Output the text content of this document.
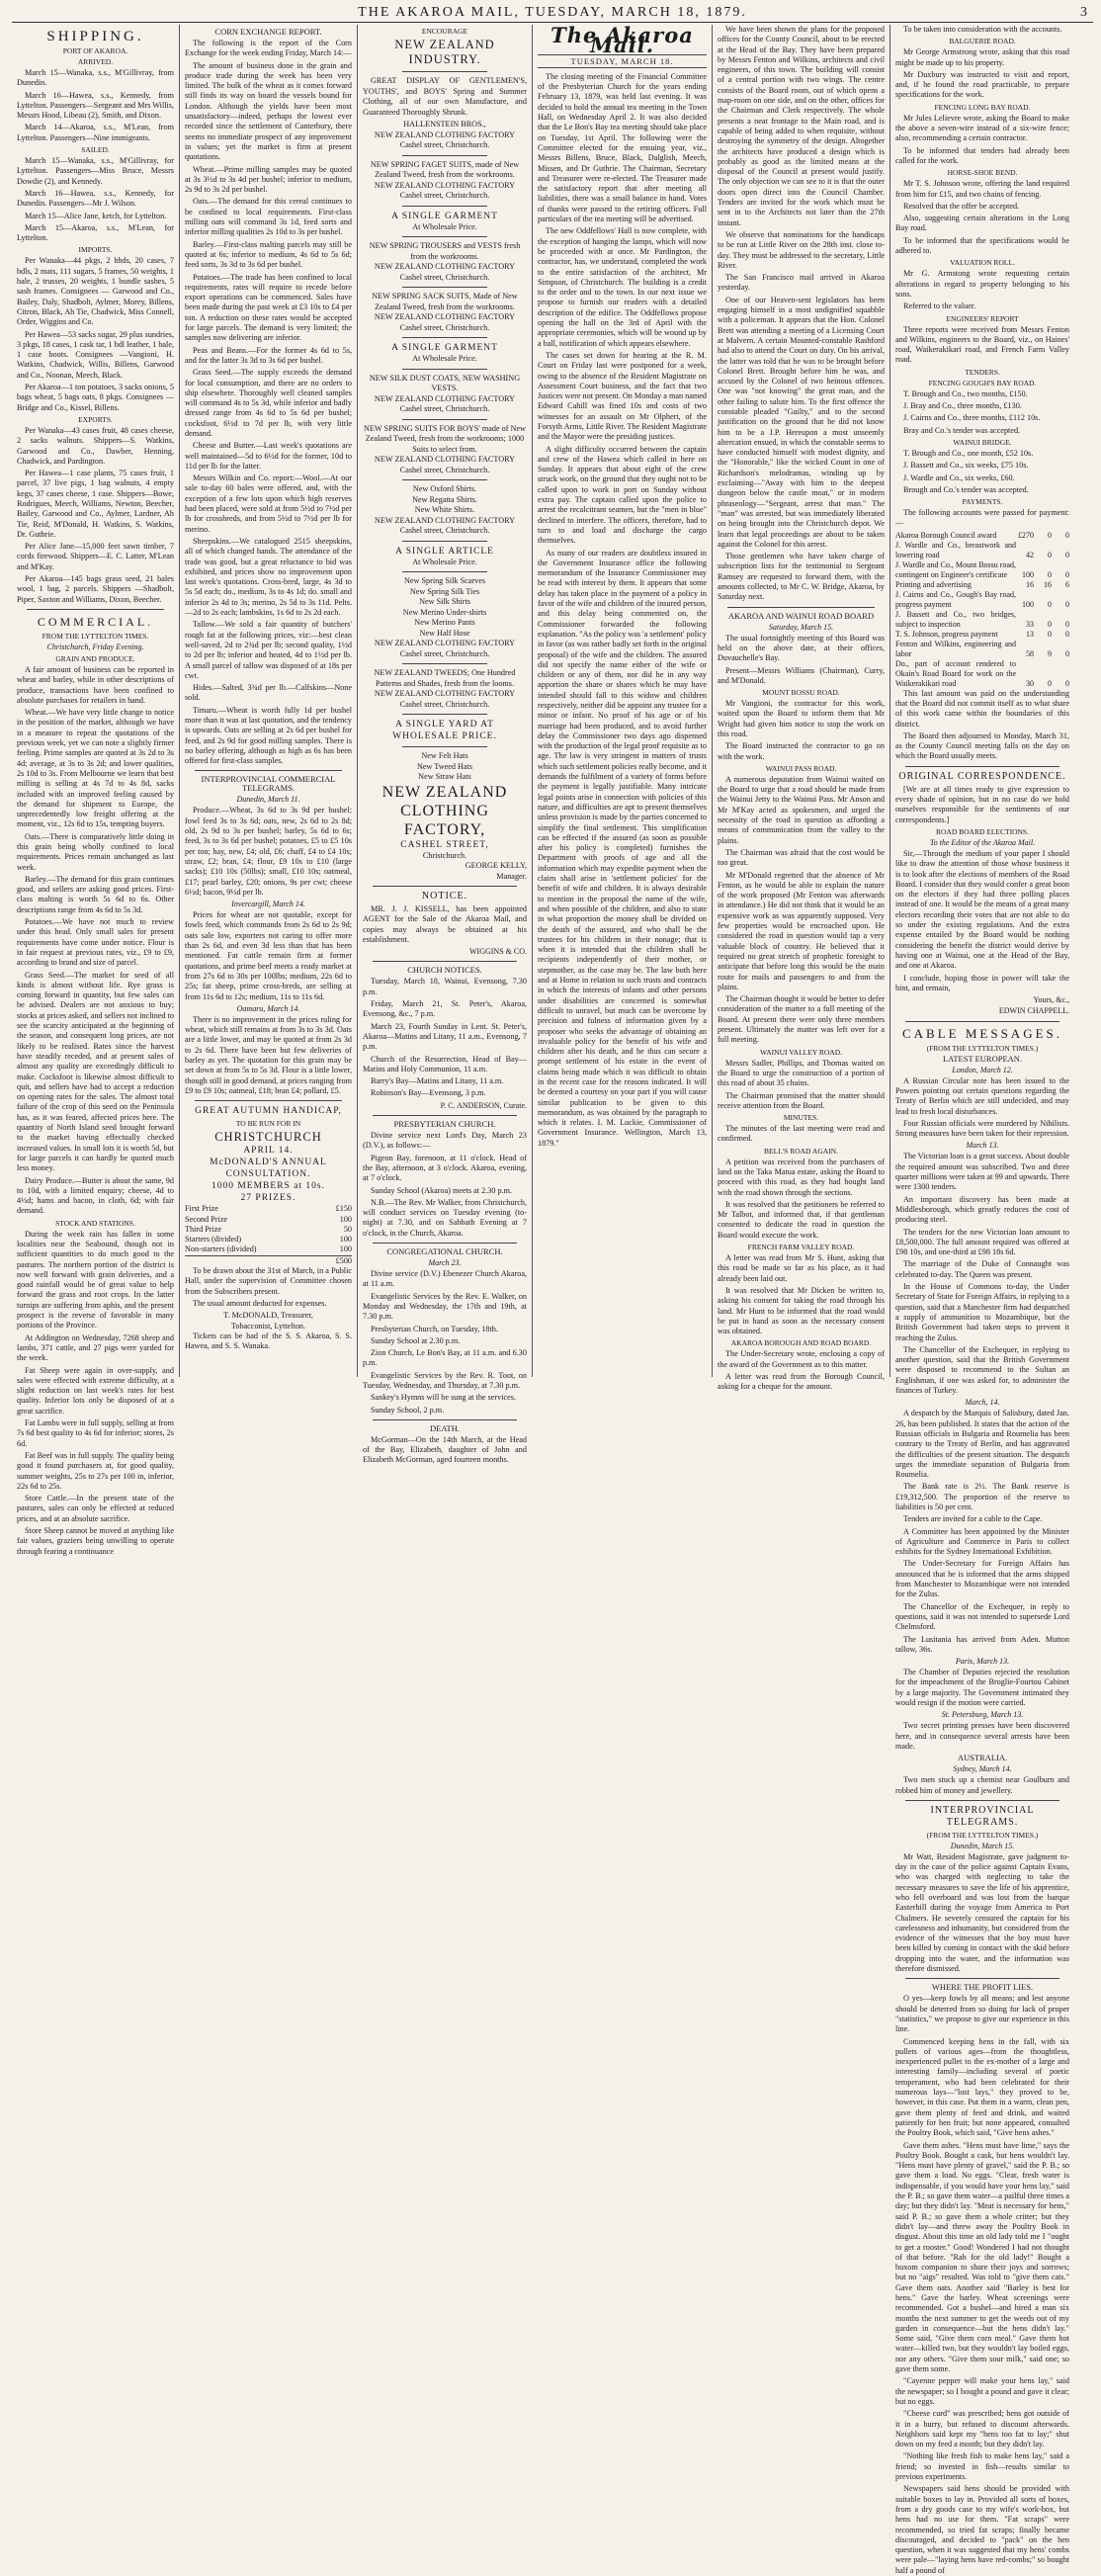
THE AKAROA MAIL, TUESDAY, MARCH 18, 1879.	3
SHIPPING.
PORT OF AKAROA.
ARRIVED.

March 15—Wanaka, s.s., M'Gillivray, from Dunedin.

March 16—Hawea, s.s., Kennedy, from Lyttelton. Passengers—Sergeant and Mrs Willis, Messrs Hood, Libeau (2), Smith, and Dixon.

March 14—Akaroa, s.s., M'Lean, from Lyttelton. Passengers—Nine immigrants.

SAILED.

March 15—Wanaka, s.s., M'Gillivray, for Lyttelton. Passengers—Miss Bruce, Messrs Dowdie (2), and Kennedy.

March 16—Hawea, s.s., Kennedy, for Dunedin. Passengers—Mr J. Wilson.

March 15—Alice Jane, ketch, for Lyttelton.

March 15—Akaroa, s.s., M'Lean, for Lyttelton.

IMPORTS.

Per Wanaka—44 pkgs, 2 hhds, 20 cases, 7 bdls, 2 mats, 111 sugars, 5 frames, 50 weights, 1 bale, 2 trusses, 20 weights, 1 bundle sashes, 5 sash frames. Consignees — Garwood and Co., Bailey, Daly, Shadbolt, Aylmer, Morey, Billens, Citron, Black, Ah Tie, Chadwick, Miss Connell, Order, Wiggins and Co.

Per Hawea—53 sacks sugar, 29 plus sundries, 3 pkgs, 18 cases, 1 cask tar, 1 bdl leather, 1 bale, 1 case boots. Consignees —Vangioni, H. Watkins, Chadwick, Willis, Billens, Garwood and Co., Noonan, Meech, Black.

Per Akaroa—1 ton potatoes, 3 sacks onions, 5 bags wheat, 5 bags oats, 8 pkgs. Consignees — Bridge and Co., Kissel, Billens.

EXPORTS.

Per Wanaka—43 cases fruit, 48 cases cheese, 2 sacks walnuts. Shippers—S. Watkins, Garwood and Co., Dawber, Henning, Chadwick, and Pardington.

Per Hawea—1 case plants, 75 cases fruit, 1 parcel, 37 live pigs, 1 bag walnuts, 4 empty kegs, 37 cases cheese, 1 case. Shippers—Bowe, Rodrigues, Meech, Williams, Newton, Beecher, Bailey, Garwood and Co., Aylmer, Lardner, Ah Tie, Reid, M'Donald, H. Watkins, S. Watkins, Dr. Guthrie.

Per Alice Jane—15,000 feet sawn timber, 7 cords firewood. Shippers—E. C. Latter, M'Lean and M'Kay.

Per Akaroa—145 bags grass seed, 21 bales wool, 1 bag, 2 parcels. Shippers —Shadbolt, Piper, Saxton and Williams, Dixon, Beecher.

COMMERCIAL.
FROM THE LYTTELTON TIMES.
Christchurch, Friday Evening.
GRAIN AND PRODUCE.

A fair amount of business can be reported in wheat and barley, while in other descriptions of produce, transactions have been confined to absolute purchases for retailers in hand.

Wheat.—We have very little change to notice in the position of the market, although we have in a measure to repeat the quotations of the previous week, yet we can note a slightly firmer feeling. Prime samples are quoted at 3s 2d to 3s 4d; average, at 3s to 3s 2d; and lower qualities, 2s 10d to 3s. From Melbourne we learn that best milling is selling at 4s 7d to 4s 8d, sacks included with an improved feeling caused by the demand for shipment to Europe, the unprecedentedly low freight offering at the moment, viz., 12s 6d to 15s, tempting buyers.

Oats.—There is comparatively little doing in this grain being wholly confined to local requirements. Prices remain unchanged as last week.

Barley.—The demand for this grain continues good, and sellers are asking good prices. First-class malting is worth 5s 6d to 6s. Other descriptions range from 4s 6d to 5s 3d.

Potatoes.—We have not much to review under this head. Only small sales for present requirements have come under notice. Flour is in fair request at previous rates, viz., £9 to £9, according to brand and size of parcel.

Grass Seed.—The market for seed of all kinds is almost without life. Rye grass is coming forward in quantity, but few sales can be advised. Dealers are not anxious to buy; stocks at prices asked, and sellers not inclined to see the scarcity anticipated at the beginning of the season, and consequent long prices, are not likely to be realised. Rates since the harvest have steadily receded, and at present sales of almost any quality are exceedingly difficult to make. Cocksfoot is likewise almost difficult to quit, and sellers have had to accept a reduction on opening rates for the sales. The almost total failure of the crop of this seed on the Peninsula has, as it was feared, affected prices here. The quantity of North Island seed brought forward to the market having effectually checked increased values. In small lots it is worth 5d, but for large parcels it can hardly be quoted much less money.

Dairy Produce.—Butter is about the same, 9d to 10d, with a limited enquiry; cheese, 4d to 4½d; hams and bacon, in cloth, 6d; with fair demand.

STOCK AND STATIONS.

During the week rain has fallen in some localities near the Seabound, though not in sufficient quantities to do much good to the pastures. The northern portion of the district is now well forward with grain deliveries, and a good rainfall would be of great value to help forward the grass and root crops. In the latter turnips are suffering from aphis, and the present prospect is the reverse of favorable in many portions of the Province.

At Addington on Wednesday, 7268 sheep and lambs, 371 cattle, and 27 pigs were yarded for the week.

Fat Sheep were again in over-supply, and sales were effected with extreme difficulty, at a slight reduction on last week's rates for best quality. Inferior lots only be disposed of at a great sacrifice.

Fat Lambs were in full supply, selling at from 7s 6d best quality to 4s 6d for inferior; stores, 2s 6d.

Fat Beef was in full supply. The quality being good it found purchasers at, for good quality, summer weights, 25s to 27s per 100 in, inferior, 22s 6d to 25s.

Store Cattle.—In the present state of the pastures, sales can only be effected at reduced prices, and at an absolute sacrifice.

Store Sheep cannot be moved at anything like fair values, graziers being unwilling to operate through fearing a continuance

CORN EXCHANGE REPORT.

The following is the report of the Corn Exchange for the week ending Friday, March 14:—

The amount of business done in the grain and produce trade during the week has been very limited. The bulk of the wheat as it comes forward still finds its way on board the vessels bound for London. Although the yields have been most unsatisfactory—indeed, perhaps the lowest ever recorded since the settlement of Canterbury, there seems no immediate prospect of any improvement in values; yet the market is firm at present quotations.

Wheat.—Prime milling samples may be quoted at 3s 3½d to 3s 4d per bushel; inferior to medium, 2s 9d to 3s 2d per bushel.

Oats.—The demand for this cereal continues to be confined to local requirements. First-class milling oats will command 3s 1d, feed sorts and inferior milling qualities 2s 10d to 3s per bushel.

Barley.—First-class malting parcels may still be quoted at 6s; inferior to medium, 4s 6d to 5s 6d; feed sorts, 3s 3d to 3s 6d per bushel.

Potatoes.—The trade has been confined to local requirements, rates will require to recede before export operations can be commenced. Sales have been made during the past week at £3 10s to £4 per ton. A reduction on these rates would be accepted for large parcels. The demand is very limited; the samples now delivering are inferior.

Peas and Beans.—For the former 4s 6d to 5s, and for the latter 3s 3d to 3s 6d per bushel.

Grass Seed.—The supply exceeds the demand for local consumption, and there are no orders to ship elsewhere. Thoroughly well cleaned samples will command 4s to 5s 3d, while inferior and badly dressed range from 4s 6d to 5s 6d per bushel; cocksfoot, 6½d to 7d per lb, with very little demand.

Cheese and Butter.—Last week's quotations are well maintained—5d to 6½d for the former, 10d to 11d per lb for the latter.

Messrs Wilkin and Co. report:—Wool.—At our sale to-day 60 bales were offered, and, with the exception of a few lots upon which high reserves had been placed, were sold at from 5½d to 7½d per lb for crossbreds, and from 5½d to 7½d per lb for merino.

Sheepskins.—We catalogued 2515 sheepskins, all of which changed hands. The attendance of the trade was good, but a great reluctance to bid was exhibited, and prices show no improvement upon last week's quotations. Cross-bred, large, 4s 3d to 5s 5d each; do., medium, 3s to 4s 1d; do. small and inferior 2s 4d to 3s; merino, 2s 5d to 3s 11d. Pelts.—2d to 2s each; lambskins, 1s 6d to 2s 2d each.

Tallow.—We sold a fair quantity of butchers' rough fat at the following prices, viz:—best clean well-saved, 2d to 2¾d per lb; second quality, 1½d to 2d per lb; inferior and heated, 4d to 1½d per lb. A small parcel of tallow was disposed of at 18s per cwt.

Hides.—Salted, 3¾d per lb.—Calfskins—None sold.

Timaru.—Wheat is worth fully 1d per bushel more than it was at last quotation, and the tendency is upwards. Oats are selling at 2s 6d per bushel for feed, and 2s 9d for good milling samples. There is no barley offering, although as high as 6s has been offered for first-class samples.

INTERPROVINCIAL COMMERCIAL TELEGRAMS.
Dunedin, March 11.

Produce.—Wheat, 3s 6d to 3s 9d per bushel; fowl feed 3s to 3s 6d; oats, new, 2s 6d to 2s 8d; old, 2s 9d to 3s per bushel; barley, 5s 6d to 6s; feed, 3s to 3s 6d per bushel; potatoes, £5 to £5 10s per ton; hay, new, £4; old, £6; chaff, £4 to £4 10s; straw, £2; bran, £4; flour, £9 10s to £10 (large sacks); £10 10s (50lbs); small, £10 10s; oatmeal, £17; pearl barley, £20; onions, 9s per cwt; cheese 6½d; bacon, 9½d per lb.

Invercargill, March 14.

Prices for wheat are not quotable, except for fowls feed, which commands from 2s 6d to 2s 9d; oats sale low, exporters not caring to offer more than 2s 6d, and even 3d less than that has been mentioned. Fat cattle remain firm at former quotations, and prime beef meets a ready market at from 27s 6d to 30s per 100lbs; medium, 22s 6d to 25s; fat sheep, prime cross-breds, are selling at from 11s 6d to 12s; medium, 11s to 11s 6d.

Oamaru, March 14.

There is no improvement in the prices ruling for wheat, which still remains at from 3s to 3s 3d. Oats are a little lower, and may be quoted at from 2s 3d to 2s 6d. There have been but few deliveries of barley as yet. The quotation for this grain may be set down at from 5s to 5s 3d. Flour is a little lower, though still in good demand, at prices ranging from £9 to £9 10s; oatmeal, £18; bran £4; pollard, £5.

GREAT AUTUMN HANDICAP,
TO BE RUN FOR IN
CHRISTCHURCH
APRIL 14.
McDONALD'S ANNUAL CONSULTATION.
1000 MEMBERS at 10s.
27 PRIZES.
First Prize	£150
Second Prize	100
Third Prize	50
Starters (divided)	100
Non-starters (divided)	100
	£500

To be drawn about the 31st of March, in a Public Hall, under the supervision of Committee chosen from the Subscribers present.

The usual amount deducted for expenses.

T. McDONALD, Treasurer,
Tobacconist, Lyttelton.

Tickets can be had of the S. S. Akaroa, S. S. Hawea, and S. S. Wanaka.

ENCOURAGE
NEW ZEALAND INDUSTRY.

GREAT DISPLAY OF GENTLEMEN'S, YOUTHS', and BOYS' Spring and Summer Clothing, all of our own Manufacture, and Guaranteed Thoroughly Shrunk.

HALLENSTEIN BROS.,
NEW ZEALAND CLOTHING FACTORY
Cashel street, Christchurch.
NEW SPRING FAGET SUITS, made of New Zealand Tweed, fresh from the workrooms.
NEW ZEALAND CLOTHING FACTORY
Cashel street, Christchurch.
A SINGLE GARMENT
At Wholesale Price.
NEW SPRING TROUSERS and VESTS fresh from the workrooms.
NEW ZEALAND CLOTHING FACTORY
Cashel street, Christchurch.
NEW SPRING SACK SUITS, Made of New Zealand Tweed, fresh from the workrooms.
NEW ZEALAND CLOTHING FACTORY
Cashel street, Christchurch.
A SINGLE GARMENT
At Wholesale Price.
NEW SILK DUST COATS, NEW WASHING VESTS.
NEW ZEALAND CLOTHING FACTORY
Cashel street, Christchurch.
NEW SPRING SUITS FOR BOYS' made of New Zealand Tweed, fresh from the workrooms; 1000 Suits to select from.
NEW ZEALAND CLOTHING FACTORY
Cashel street, Christchurch.
New Oxford Shirts.
New Regatta Shirts.
New White Shirts.
NEW ZEALAND CLOTHING FACTORY
Cashel street, Christchurch.
A SINGLE ARTICLE
At Wholesale Price.
New Spring Silk Scarves
New Spring Silk Ties
New Silk Shirts
New Merino Under-shirts
New Merino Pants
New Half Hose
NEW ZEALAND CLOTHING FACTORY
Cashel street, Christchurch.
NEW ZEALAND TWEEDS; One Hundred Patterns and Shades, fresh from the looms.
NEW ZEALAND CLOTHING FACTORY
Cashel street, Christchurch.
A SINGLE YARD AT WHOLESALE PRICE.
New Felt Hats
New Tweed Hats
New Straw Hats
NEW ZEALAND
CLOTHING FACTORY,
CASHEL STREET,
Christchurch.
GEORGE KELLY,
Manager.
NOTICE.

MR. J. J. KISSELL, has been appointed AGENT for the Sale of the Akaroa Mail, and copies may always be obtained at his establishment.

WIGGINS & CO.
CHURCH NOTICES.

Tuesday, March 18, Wainui, Evensong, 7.30 p.m.

Friday, March 21, St. Peter's, Akaroa, Evensong, &c., 7 p.m.

March 23, Fourth Sunday in Lent. St. Peter's, Akaroa—Matins and Litany, 11 a.m., Evensong, 7 p.m.

Church of the Resurrection, Head of Bay—Matins and Holy Communion, 11 a.m.

Barry's Bay—Matins and Litany, 11 a.m.

Robinson's Bay—Evensong, 3 p.m.

P. C. ANDERSON, Curate.
PRESBYTERIAN CHURCH.

Divine service next Lord's Day, March 23 (D.V.), as follows:—

Pigeon Bay, forenoon, at 11 o'clock. Head of the Bay, afternoon, at 3 o'clock. Akaroa, evening, at 7 o'clock.

Sunday School (Akaroa) meets at 2.30 p.m.

N.B.—The Rev. Mr Walker, from Christchurch, will conduct services on Tuesday evening (to-night) at 7.30, and on Sabbath Evening at 7 o'clock, in the Church, Akaroa.

CONGREGATIONAL CHURCH.
March 23.

Divine service (D.V.) Ebenezer Church Akaroa, at 11 a.m.

Evangelistic Services by the Rev. E. Walker, on Monday and Wednesday, the 17th and 19th, at 7.30 p.m.

Presbyterian Church, on Tuesday, 18th.

Sunday School at 2.30 p.m.

Zion Church, Le Bon's Bay, at 11 a.m. and 6.30 p.m.

Evangelistic Services by the Rev. R. Toot, on Tuesday, Wednesday, and Thursday, at 7.30 p.m.

Sankey's Hymns will be sung at the services.

Sunday School, 2 p.m.

DEATH.

McGorman—On the 14th March, at the Head of the Bay, Elizabeth, daughter of John and Elizabeth McGorman, aged fourteen months.

The Akaroa Mail.
TUESDAY, MARCH 18.

The closing meeting of the Financial Committee of the Presbyterian Church for the years ending February 13, 1879, was held last evening. It was decided to hold the annual tea meeting in the Town Hall, on Wednesday April 2. It was also decided that the Le Bon's Bay tea meeting should take place on Tuesday, 1st April. The following were the Committee elected for the ensuing year, viz., Messrs Billens, Bruce, Black, Dalglish, Meech, Missen, and Dr Guthrie. The Chairman, Secretary and Treasurer were re-elected. The Treasurer made the satisfactory report that after meeting all liabilities, there was a small balance in hand. Votes of thanks were passed to the retiring officers. Full particulars of the tea meeting will be advertised.

The new Oddfellows' Hall is now complete, with the exception of hanging the lamps, which will now be proceeded with at once. Mr Pardington, the contractor, has, we understand, completed the work to the entire satisfaction of the architect, Mr Simpson, of Christchurch. The building is a credit to the order and to the town. In our next issue we propose to furnish our readers with a detailed description of the edifice. The Oddfellows propose opening the hall on the 3rd of April with the appropriate ceremonies, which will be wound up by a ball, notification of which appears elsewhere.

The cases set down for hearing at the R. M. Court on Friday last were postponed for a week, owing to the absence of the Resident Magistrate on Assessment Court business, and the fact that two Justices were not present. On Monday a man named Edward Cahill was fined 10s and costs of two witnesses for an assault on Mr Olphert, of the Forsyth Arms, Little River. The Resident Magistrate and the Mayor were the presiding justices.

A slight difficulty occurred between the captain and crew of the Hawea which called in here on Sunday. It appears that about eight of the crew struck work, on the ground that they ought not to be called upon to work in port on Sunday without extra pay. The captain called upon the police to arrest the recalcitrant seamen, but the "men in blue" declined to interfere. The officers, therefore, had to turn to and load and discharge the cargo themselves.

As many of our readers are doubtless insured in the Government Insurance office the following memorandum of the Insurance Commissioner may be read with interest by them. It appears that some delay has taken place in the payment of a policy in favor of the wife and children of the insured person, and this delay being commented on, the Commissioner forwarded the following explanation. "As the policy was 'a settlement' policy in favor (as was rather badly set forth in the original proposal) of the wife and the children. The assured did not specify the name either of the wife or children or any of them, nor did he in any way apportion the share or shares which he may have intended should fall to this widow and children respectively, neither did he appoint any trustee for a minor or infant. No proof of his age or of his marriage had been produced, and to avoid further delay the Commissioner two days ago dispensed with the production of the legal proof requisite as to age. The law is very stringent in matters of trusts which such settlement policies really become, and it demands the fulfilment of a variety of forms before the payment is legally justifiable. Many intricate legal points arise in connection with policies of this nature, and difficulties are apt to present themselves unless provision is made by the parties concerned to simplify the final settlement. This simplification can be effected if the assured (as soon as possible after his policy is completed) furnishes the Department with proofs of age and all the information which may expedite payment when the claim shall arise in 'settlement policies' for the benefit of wife and children. It is always desirable to mention in the proposal the name of the wife, and when possible of the children, and also to state in what proportion the money shall be divided on the death of the assured, and who shall be the trustees for his children in their nonage; that is when it is intended that the children shall be recipients independently of their mother, or stepmother, as the case may be. The law both here and at Home in relation to such trusts and contracts in which the interests of infants and other persons under disabilities are concerned is somewhat difficult to unravel, but much can be overcome by precision and fulness of information given by a proposer who seeks the advantage of obtaining an invaluable policy for the benefit of his wife and children after his death, and he thus can secure a prompt settlement of his estate in the event of claims being made which it was difficult to obtain in the recent case for the reasons indicated. It will be deemed a courtesy on your part if you will cause similar publication to be given to this memorandum, as was obtained by the paragraph to which it relates. I. M. Luckie, Commissioner of Government Insurance. Wellington, March 13, 1879."

We have been shown the plans for the proposed offices for the County Council, about to be erected at the Head of the Bay. They have been prepared by Messrs Fenton and Wilkins, architects and civil engineers, of this town. The building will consist of a central portion with two wings. The centre consists of the Board room, out of which opens a map-room on one side, and on the other, offices for the Chairman and Clerk respectively. The whole presents a neat frontage to the Main road, and is capable of being added to when requisite, without destroying the symmetry of the design. Altogether the architects have produced a design which is probably as good as the limited means at the disposal of the Council at present would justify. The only objection we can see to it is that the outer doors open direct into the Council Chamber. Tenders are invited for the work which must be sent in to the Architects not later than the 27th instant.

We observe that nominations for the handicaps to be run at Little River on the 28th inst. close to-day. They must be addressed to the secretary, Little River.

The San Francisco mail arrived in Akaroa yesterday.

One of our Heaven-sent legislators has been engaging himself in a most undignified squabble with a policeman. It appears that the Hon. Colonel Brett was attending a meeting of a Licensing Court at Malvern. A certain Mounted-constable Rashford had also to attend the Court on duty. On his arrival, the latter was told that he was to be brought before Colonel Brett. Brought before him he was, and accused by the Colonel of two heinous offences. One was "not knowing" the great man, and the other failing to salute him. To the first offence the constable pleaded "Guilty," and to the second justification on the ground that he did not know him to be a J.P. Hereupon a most unseemly altercation ensued, in which the constable seems to have conducted himself with modest dignity, and the "Honorable," like the wicked Count in one of Richardson's melodramas, winding up by exclaiming—"Away with him to the deepest dungeon below the castle moat," or in modern phraseology—"Sergeant, arrest that man." The "man" was arrested, but was immediately liberated on being brought into the Christchurch depot. We learn that legal proceedings are about to be taken against the Colonel for this arrest.

Those gentlemen who have taken charge of subscription lists for the testimonial to Sergeant Ramsey are requested to forward them, with the amounts collected, to Mr C. W. Bridge, Akaroa, by Saturday next.

AKAROA AND WAINUI ROAD BOARD
Saturday, March 15.

The usual fortnightly meeting of this Board was held on the above date, at their offices, Duvauchelle's Bay.

Present—Messrs Williams (Chairman), Curry, and M'Donald.

MOUNT BOSSU ROAD.

Mr Vangioni, the contractor for this work, waited upon the Board to inform them that Mr Wright had given him notice to stop the work on this road.

The Board instructed the contractor to go on with the work.

WAINUI PASS ROAD.

A numerous deputation from Wainui waited on the Board to urge that a road should be made from the Wainui Jetty to the Wainui Pass. Mr Anson and Mr M'Kay acted as spokesmen, and urged the necessity of the road in question as affording a means of communication from the valley to the plains.

The Chairman was afraid that the cost would be too great.

Mr M'Donald regretted that the absence of Mr Fenton, as he would be able to explain the nature of the work proposed (Mr Fenton was afterwards in attendance.) He did not think that it would be an expensive work as was apparently supposed. Very few properties would be encroached upon. He considered the road in question would tap a very valuable block of country. He believed that it required no great stretch of prophetic foresight to anticipate that before long this would be the main route for mails and passengers to and from the plains.

The Chairman thought it would be better to defer consideration of the matter to a full meeting of the Board. At present there were only three members present. Ultimately the matter was left over for a full meeting.

WAINUI VALLEY ROAD.

Messrs Sadler, Phillips, and Thomas waited on the Board to urge the construction of a portion of this road of about 35 chains.

The Chairman promised that the matter should receive attention from the Board.

MINUTES.

The minutes of the last meeting were read and confirmed.

BELL'S ROAD AGAIN.

A petition was received from the purchasers of land on the Taka Matua estate, asking the Board to proceed with this road, as they had bought land with the road shown through the sections.

It was resolved that the petitioners be referred to Mr Talbot, and informed that, if that gentleman consented to dedicate the road in question the Board would execute the work.

FRENCH FARM VALLEY ROAD.

A letter was read from Mr S. Hunt, asking that this road be made so far as his place, as it had already been laid out.

It was resolved that Mr Dicken be written to, asking his consent for taking the road through his land. Mr Hunt to be informed that the road would be put in hand as soon as the necessary consent was obtained.

AKAROA BOROUGH AND ROAD BOARD.

The Under-Secretary wrote, enclosing a copy of the award of the Government as to this matter.

A letter was read from the Borough Council, asking for a cheque for the amount.

To be taken into consideration with the accounts.

BALGUERIE ROAD.

Mr George Armstrong wrote, asking that this road might be made up to his property.

Mr Duxbury was instructed to visit and report, and, if he found the road practicable, to prepare specifications for the work.

FENCING LONG BAY ROAD.

Mr Jules Lelievre wrote, asking the Board to make the above a seven-wire instead of a six-wire fence; also, recommending a certain contractor.

To be informed that tenders had already been called for the work.

HORSE-SHOE BEND.

Mr T. S. Johnson wrote, offering the land required from him for £15, and two chains of fencing.

Resolved that the offer be accepted.

Also, suggesting certain alterations in the Long Bay road.

To be informed that the specifications would be adhered to.

VALUATION ROLL.

Mr G. Armstong wrote requesting certain alterations in regard to property belonging to his sons.

Referred to the valuer.

ENGINEERS' REPORT

Three reports were received from Messrs Fenton and Wilkins, engineers to the Board, viz., on Haines' road, Waikerakikari road, and French Farm Valley road.

TENDERS.
FENCING GOUGH'S BAY ROAD.

T. Brough and Co., two months, £150.

J. Bray and Co., three months, £130.

J. Cairns and Co., three months, £112 10s.

Bray and Co.'s tender was accepted.

WAINUI BRIDGE.

T. Brough and Co., one month, £52 10s.

J. Bassett and Co., six weeks, £75 10s.

J. Wardle and Co., six weeks, £60.

Brough and Co.'s tender was accepted.

PAYMENTS.

The following accounts were passed for payment:—

Akaroa Borough Council award	£270	0	0
J. Wardle and Co., breastwork and lowering road	42	0	0
J. Wardle and Co., Mount Bossu road, contingent on Engineer's certificate	100	0	0
Printing and advertising	16	16	6
J. Cairns and Co., Gough's Bay road, progress payment	100	0	0
J. Bassett and Co., two bridges, subject to inspection	33	0	0
T. S. Johnson, progress payment	13	0	0
Fenton and Wilkins, engineering and labor	58	9	0
Do., part of account rendered to Okain's Road Board for work on the Waikerakikari road	30	0	0

This last amount was paid on the understanding that the Board did not commit itself as to what share of this work came within the boundaries of this district.

The Board then adjourned to Monday, March 31, as the County Council meeting falls on the day on which the Board usually meets.

ORIGINAL CORRESPONDENCE.

[We are at all times ready to give expression to every shade of opinion, but in no case do we hold ourselves responsible for the sentiments of our correspondents.]

ROAD BOARD ELECTIONS.
To the Editor of the Akaroa Mail.

Sir,—Through the medium of your paper I should like to draw the attention of those whose business it is to look after the elections of members of the Road Board. I consider that they would confer a great boon on the electors if they had three polling places instead of one. It would be the means of a great many electors recording their votes that are not able to do so under the existing regulations. And the extra expense entailed by the Board would be nothing considering the benefit the district would derive by having one at Wainui, one at the Head of the Bay, and one at Akaroa.

I conclude, hoping those in power will take the hint, and remain,

Yours, &c.,
EDWIN CHAPPELL.
CABLE MESSAGES.
(FROM THE LYTTELTON TIMES.)
LATEST EUROPEAN.
London, March 12.

A Russian Circular note has been issued to the Powers pointing out certain questions regarding the Treaty of Berlin which are still undecided, and may lead to fresh local disturbances.

Four Russian officials were murdered by Nihilists. Strong measures have been taken for their repression.

March 13.

The Victorian loan is a great success. About double the required amount was subscribed. Two and three quarter millions were taken at 99 and upwards. There were 1300 tenders.

An important discovery has been made at Middlesborough, which greatly reduces the cost of producing steel.

The tenders for the new Victorian loan amount to £8,500,000. The full amount required was offered at £98 10s, and one-third at £98 18s 6d.

The marriage of the Duke of Connaught was celebrated to-day. The Queen was present.

In the House of Commons to-day, the Under Secretary of State for Foreign Affairs, in replying to a question, said that a Manchester firm had despatched a supply of ammunition to Mozambique, but the British Government had taken steps to prevent it reaching the Zulus.

The Chancellor of the Exchequer, in replying to another question, said that the British Government were disposed to recommend to the Sultan an Englishman, if one was asked for, to administer the finances of Turkey.

March, 14.

A despatch by the Marquis of Salisbury, dated Jan. 26, has been published. It states that the action of the Russian officials in Bulgaria and Roumelia has been contrary to the Treaty of Berlin, and has aggravated the difficulties of the present situation. The despatch urges the immediate separation of Bulgaria from Roumelia.

The Bank rate is 2½. The Bank reserve is £19,312,500. The proportion of the reserve to liabilities is 50 per cent.

Tenders are invited for a cable to the Cape.

A Committee has been appointed by the Minister of Agriculture and Commerce in Paris to collect exhibits for the Sydney International Exhibition.

The Under-Secretary for Foreign Affairs has announced that he is informed that the arms shipped from Manchester to Mozambique were not intended for the Zulus.

The Chancellor of the Exchequer, in reply to questions, said it was not intended to supersede Lord Chelmsford.

The Lusitania has arrived from Aden. Mutton tallow, 36s.

Paris, March 13.

The Chamber of Deputies rejected the resolution for the impeachment of the Broglie-Fourtou Cabinet by a large majority. The Government intimated they would resign if the motion were carried.

St. Petersburg, March 13.

Two secret printing presses have been discovered here, and in consequence several arrests have been made.

AUSTRALIA.
Sydney, March 14.

Two men stuck up a chemist near Goulburn and robbed him of money and jewellery.

INTERPROVINCIAL TELEGRAMS.
(FROM THE LYTTELTON TIMES.)
Dunedin, March 15.

Mr Watt, Resident Magistrate, gave judgment to-day in the case of the police against Captain Evans, who was charged with neglecting to take the necessary measures to save the life of his apprentice, who fell overboard and was lost from the barque Easterhill during the voyage from America to Port Chalmers. He severely censured the captain for his carelessness and inhumanity, but considered from the evidence of the witnesses that the boy must have been killed by coming in contact with the skid before dropping into the water, and the information was therefore dismissed.

WHERE THE PROFIT LIES.

O yes—keep fowls by all means; and lest anyone should be deterred from so doing for lack of proper "statistics," we propose to give our experience in this line.

Commenced keeping hens in the fall, with six pullets of various ages—from the thoughtless, inexperienced pullet to the ex-mother of a large and interesting family—including several of poetic temperament, who had been celebrated for their numerous lays—"lost lays," they proved to be, however, in this case. Put them in a warm, clean pen, gave them plenty of feed and drink, and waited patiently for hen fruit; but none appeared, consulted the Poultry Book, which said, "Give hens ashes."

Gave them ashes. "Hens must have lime," says the Poultry Book. Bought a cask, but hens wouldn't lay. "Hens must have plenty of gravel," said the P. B.; so gave them a load. No eggs. "Clear, fresh water is indispensable, if you would have your hens lay," said the P. B.; so gave them water—a pailful three times a day; but they didn't lay. "Meat is necessary for hens," said P. B.; so gave them a whole critter; but they didn't lay—and threw away the Poultry Book in disgust. About this time an old lady told me I "ought to get a rooster." Good! Wondered I had not thought of that before. "Rah for the old lady!" Bought a buxom companion to share their joys and sorrows; but no "aigs" resulted. Was told to "give them cats." Gave them oats. Another said "Barley is best for hens." Gave the barley. Wheat screenings were recommended. Got a bushel—and hired a man six months the next summer to get the weeds out of my garden in consequence—but the hens didn't lay." Some said, "Give them corn meal." Gave them hot water—killed two, but they wouldn't lay boiled eggs, nor any others. "Give them sour milk," said one; so gave them some.

"Cayenne pepper will make your hens lay," said the newspaper; so I bought a pound and gave it clear; but no eggs.

"Cheese curd" was prescribed; hens got outside of it in a hurry, but refused to discount afterwards. Neighbors said kept my "hens too fat to lay;" shut down on my feed a month; but they didn't lay.

"Nothing like fresh fish to make hens lay," said a friend; so invested in fish—results similar to previous experiments.

Newspapers said hens should be provided with suitable boxes to lay in. Provided all sorts of boxes, from a dry goods case to my wife's work-box, but hens had no use for them. "Fat scraps" were recommended, so tried fat scraps; finally became discouraged, and decided to "pack" on the hen question, when it was suggested that my hens' combs were pale—"laying hens have red-combs;" so bought half a pound of
